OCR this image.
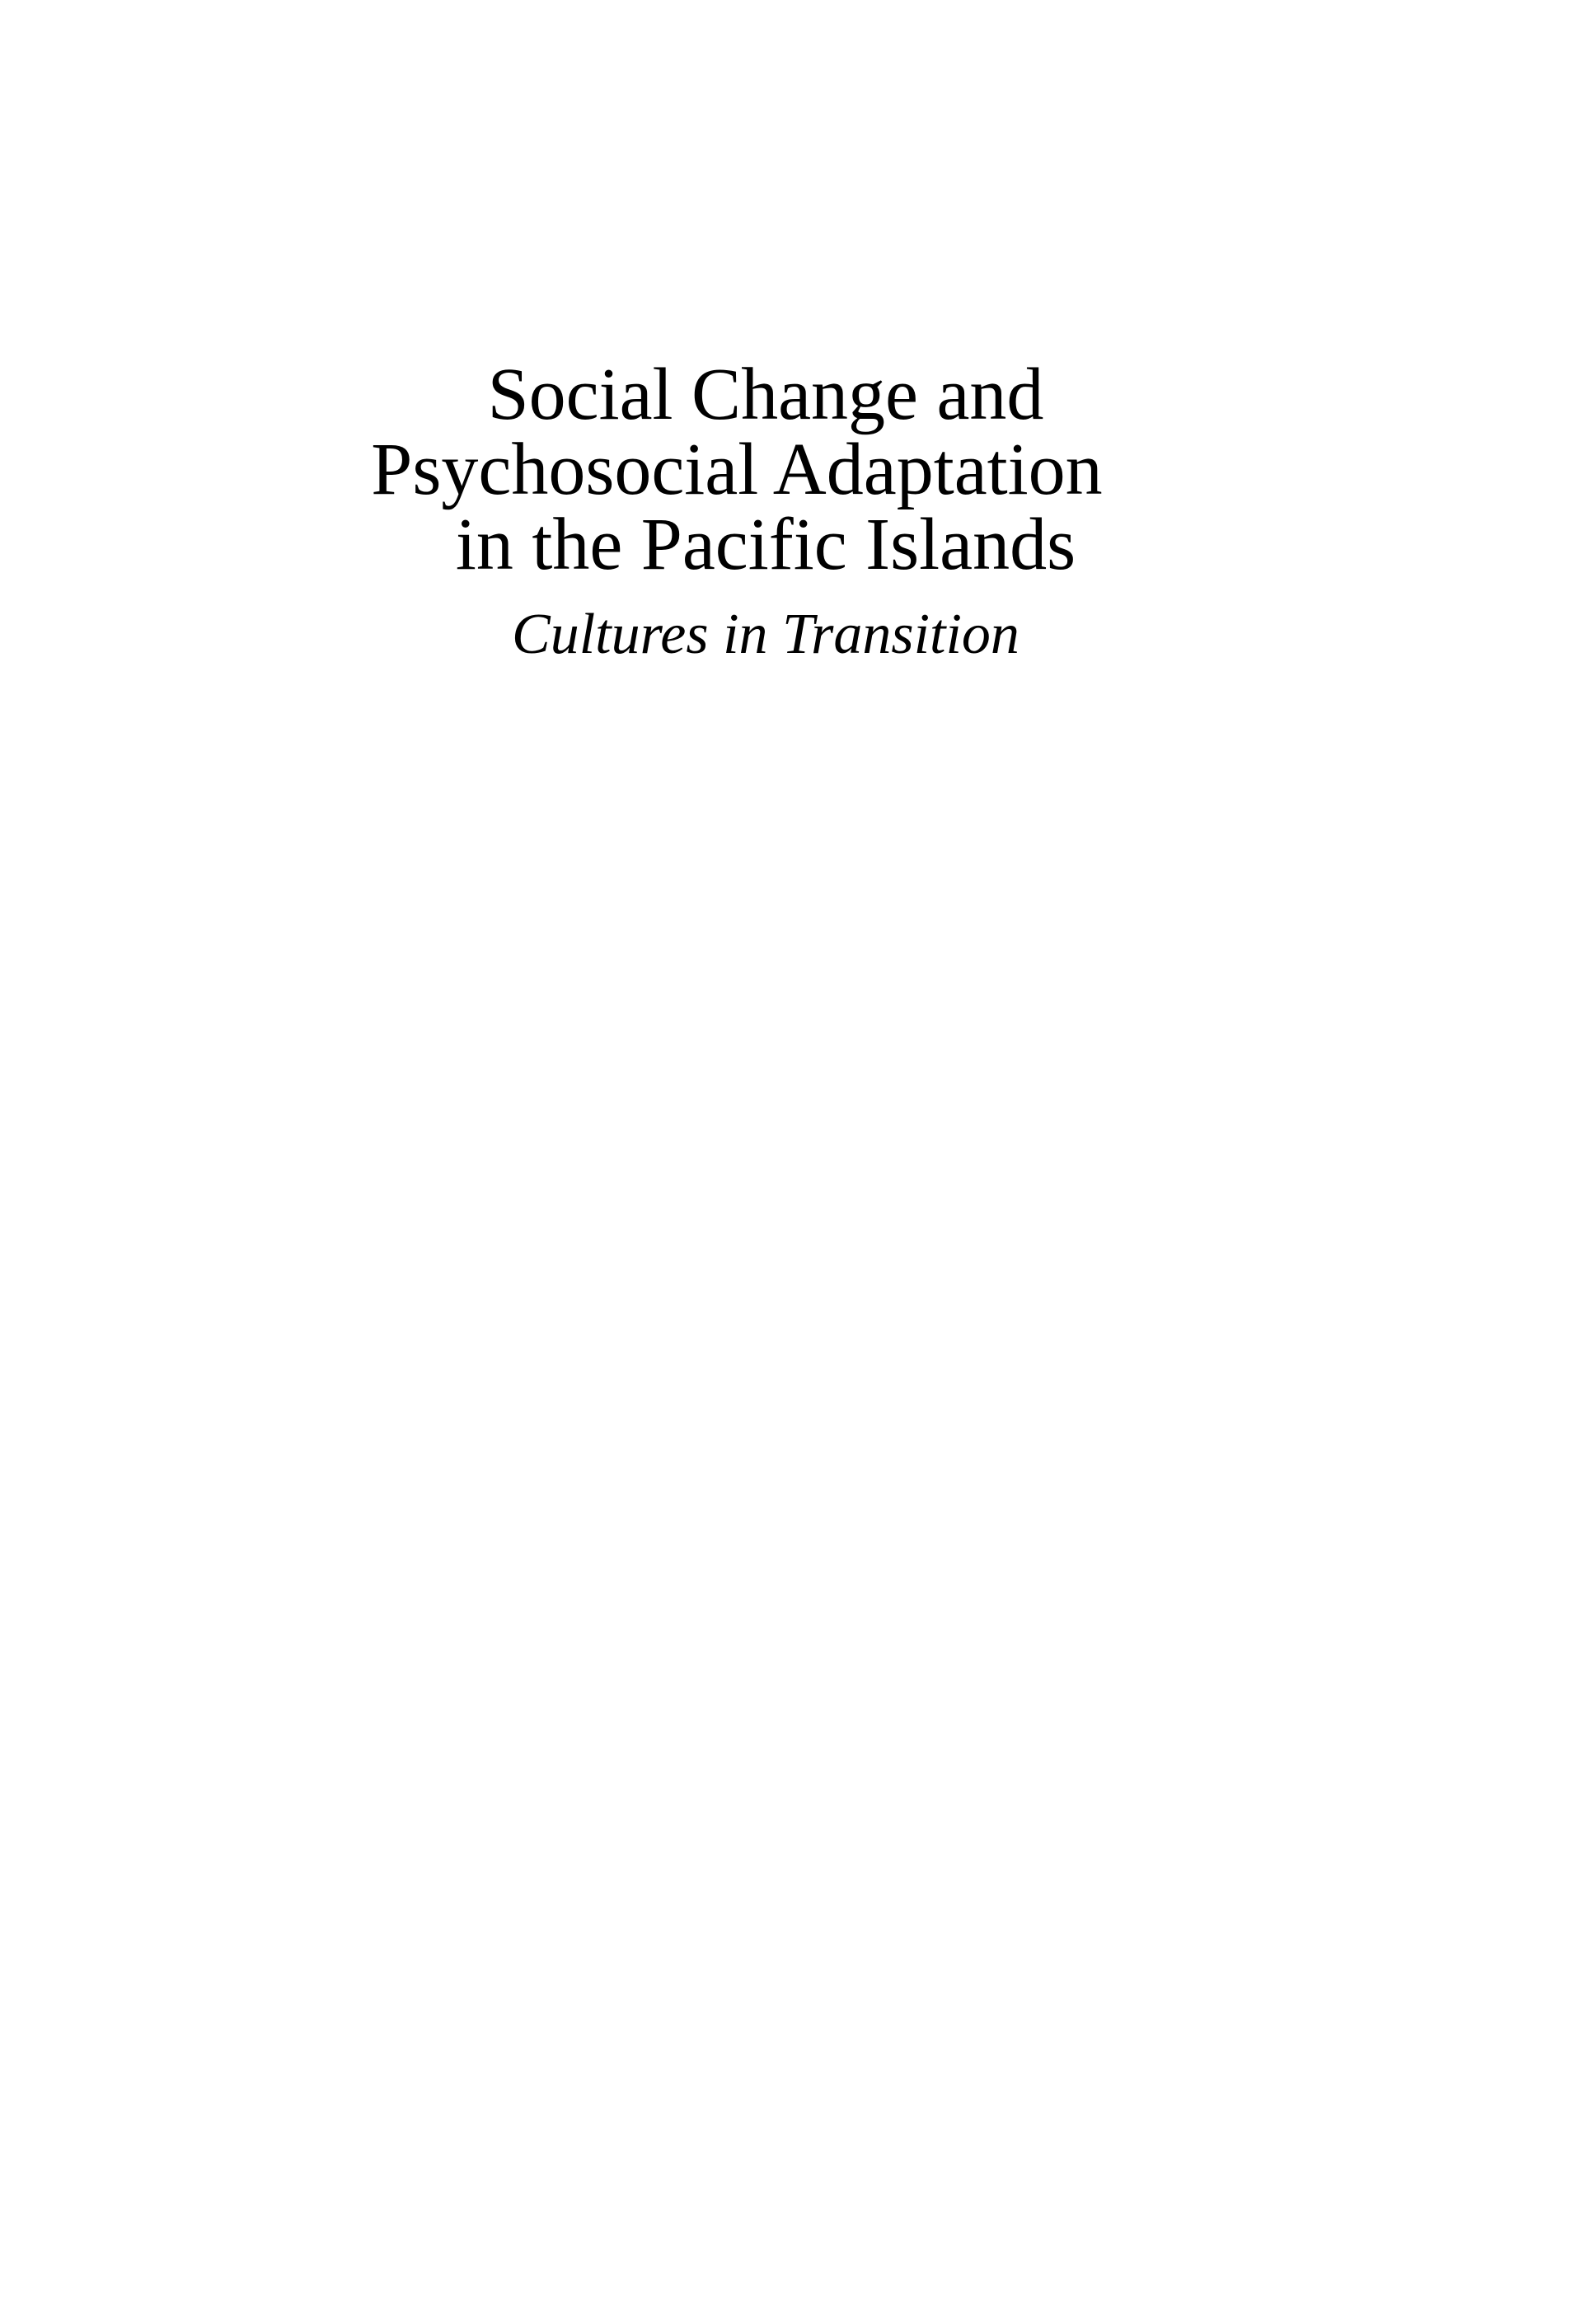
Social Change and
Psychosocial Adaptation
in the Pacific Islands
Cultures in Transition
